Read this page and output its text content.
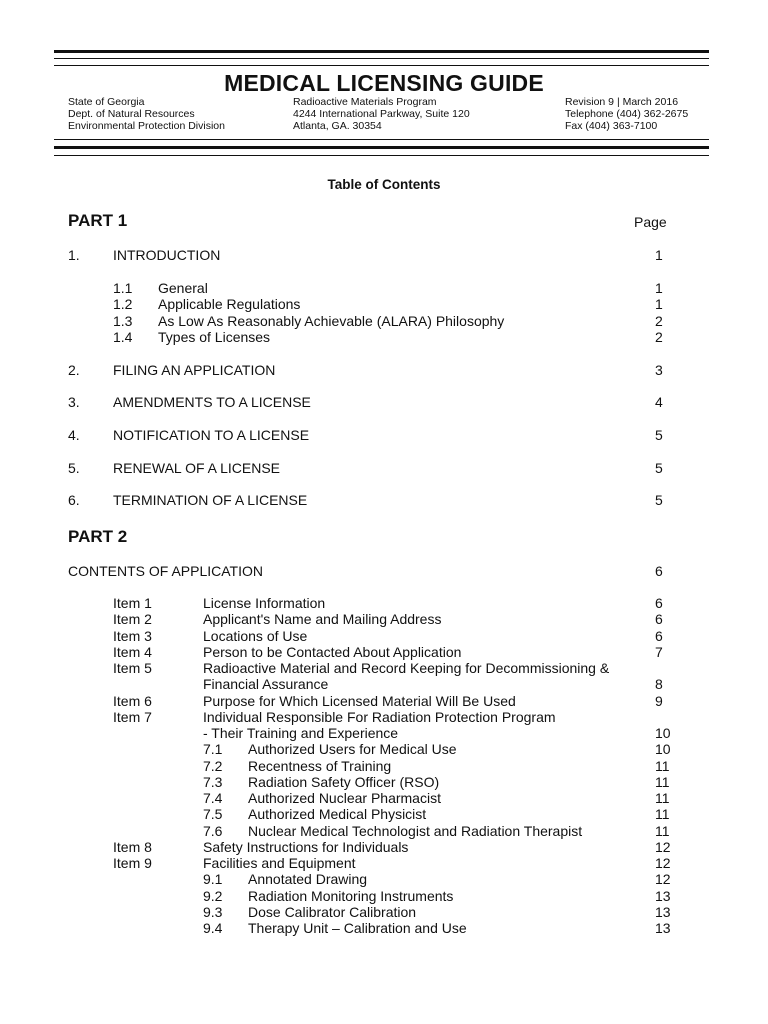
MEDICAL LICENSING GUIDE
State of Georgia
Dept. of Natural Resources
Environmental Protection Division
Radioactive Materials Program
4244 International Parkway, Suite 120
Atlanta, GA. 30354
Revision 9 | March 2016
Telephone (404) 362-2675
Fax (404) 363-7100
Table of Contents
PART 1	Page
1. INTRODUCTION	1
1.1 General	1
1.2 Applicable Regulations	1
1.3 As Low As Reasonably Achievable (ALARA) Philosophy	2
1.4 Types of Licenses	2
2. FILING AN APPLICATION	3
3. AMENDMENTS TO A LICENSE	4
4. NOTIFICATION TO A LICENSE	5
5. RENEWAL OF A LICENSE	5
6. TERMINATION OF A LICENSE	5
PART 2
CONTENTS OF APPLICATION	6
Item 1	License Information	6
Item 2	Applicant's Name and Mailing Address	6
Item 3	Locations of Use	6
Item 4	Person to be Contacted About Application	7
Item 5	Radioactive Material and Record Keeping for Decommissioning &
Financial Assurance	8
Item 6	Purpose for Which Licensed Material Will Be Used	9
Item 7	Individual Responsible For Radiation Protection Program
- Their Training and Experience	10
7.1 Authorized Users for Medical Use	10
7.2 Recentness of Training	11
7.3 Radiation Safety Officer (RSO)	11
7.4 Authorized Nuclear Pharmacist	11
7.5 Authorized Medical Physicist	11
7.6 Nuclear Medical Technologist and Radiation Therapist	11
Item 8	Safety Instructions for Individuals	12
Item 9	Facilities and Equipment	12
9.1 Annotated Drawing	12
9.2 Radiation Monitoring Instruments	13
9.3 Dose Calibrator Calibration	13
9.4 Therapy Unit – Calibration and Use	13
